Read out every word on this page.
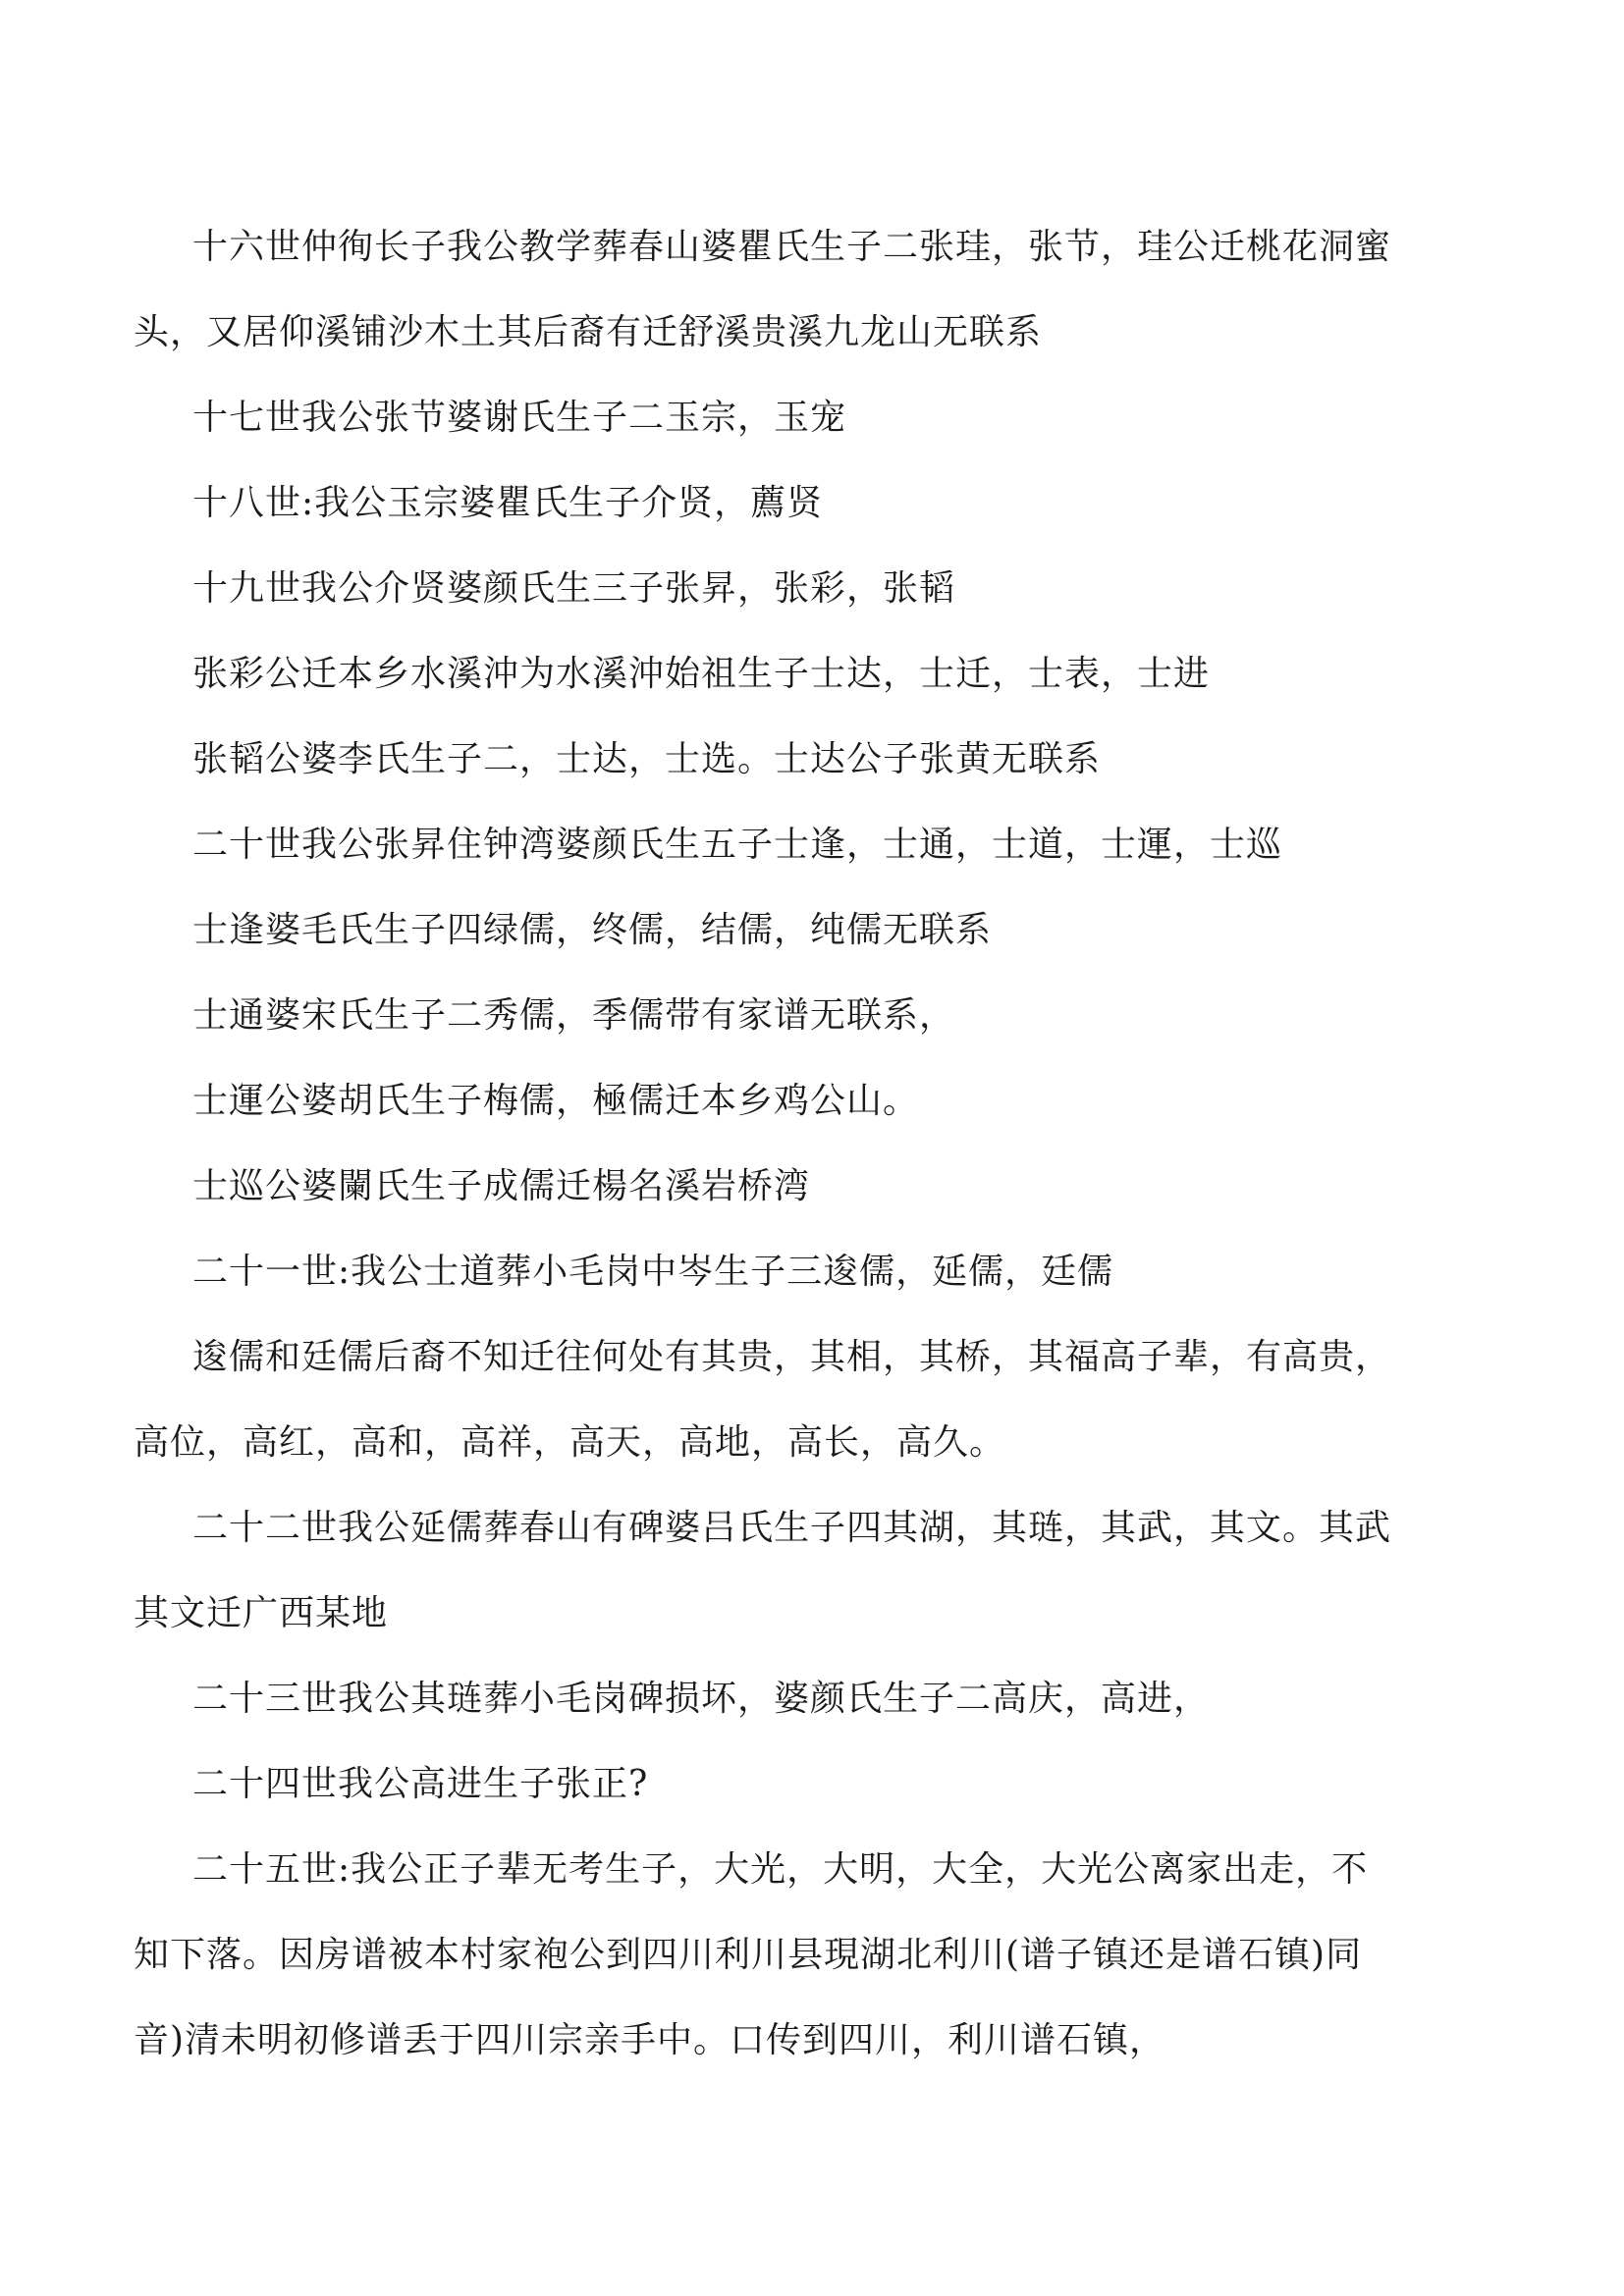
十六世仲徇长子我公教学葬春山婆瞿氏生子二张珪，张节，珪公迁桃花洞蜜头，又居仰溪铺沙木土其后裔有迁舒溪贵溪九龙山无联系

十七世我公张节婆谢氏生子二玉宗，玉宠

十八世:我公玉宗婆瞿氏生子介贤，薦贤

十九世我公介贤婆颜氏生三子张昇，张彩，张韬

张彩公迁本乡水溪沖为水溪沖始祖生子士达，士迁，士表，士进

张韬公婆李氏生子二，士达，士选。士达公子张黄无联系

二十世我公张昇住钟湾婆颜氏生五子士逢，士通，士道，士運，士巡

士逢婆毛氏生子四绿儒，终儒，结儒，纯儒无联系

士通婆宋氏生子二秀儒，季儒带有家谱无联系，

士運公婆胡氏生子梅儒，極儒迁本乡鸡公山。

士巡公婆闌氏生子成儒迁楊名溪岩桥湾

二十一世:我公士道葬小毛岗中岑生子三逡儒，延儒，廷儒

逡儒和廷儒后裔不知迁往何处有其贵，其相，其桥，其福高子辈，有高贵，高位，高红，高和，高祥，高天，高地，高长，高久。

二十二世我公延儒葬春山有碑婆吕氏生子四其湖，其琏，其武，其文。其武其文迁广西某地

二十三世我公其琏葬小毛岗碑损坏，婆颜氏生子二高庆，高进，

二十四世我公高进生子张正?

二十五世:我公正子辈无考生子，大光，大明，大全，大光公离家出走，不知下落。因房谱被本村家袍公到四川利川县現湖北利川(谱子镇还是谱石镇)同音)清未明初修谱丢于四川宗亲手中。口传到四川，利川谱石镇，
